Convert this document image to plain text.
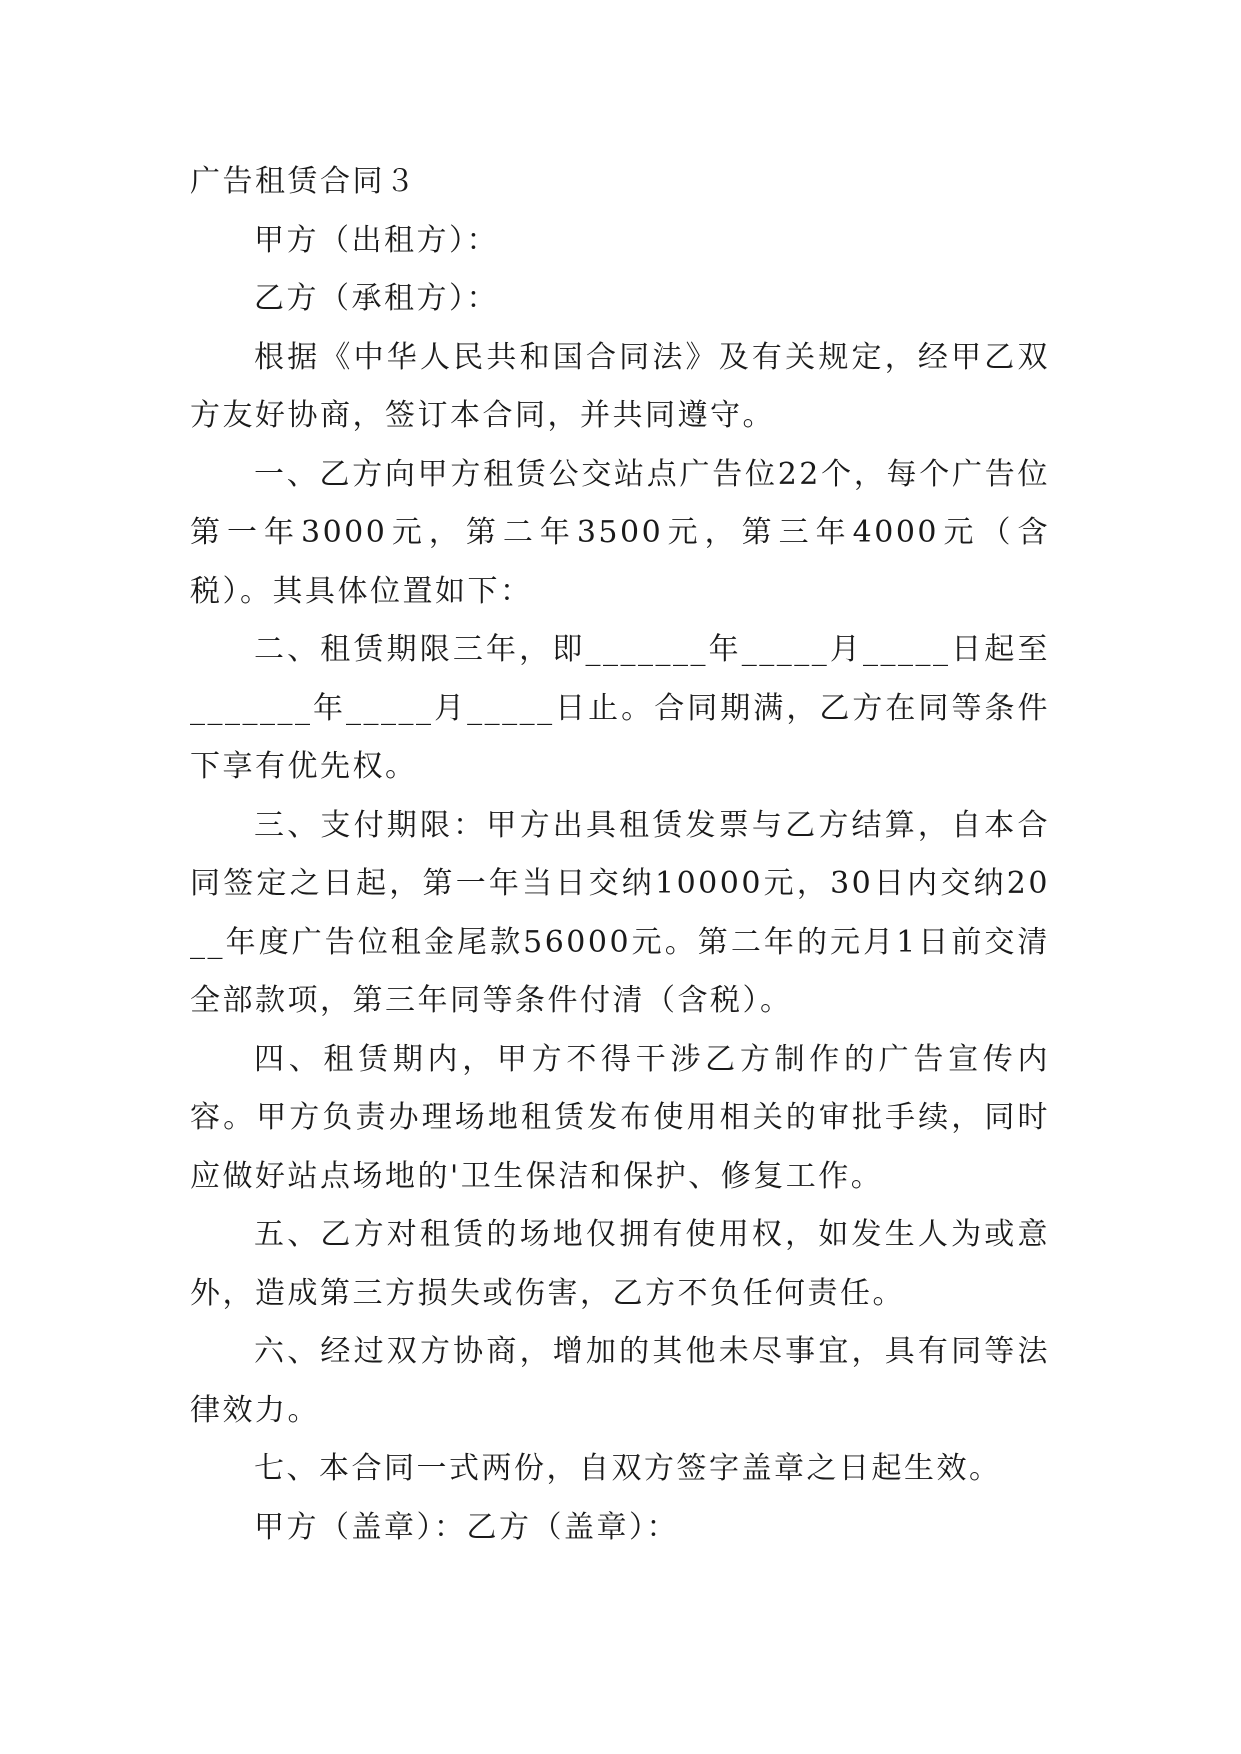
广告租赁合同３

甲方（出租方）：

乙方（承租方）：

根据《中华人民共和国合同法》及有关规定，经甲乙双方友好协商，签订本合同，并共同遵守。

一、乙方向甲方租赁公交站点广告位22个，每个广告位第一年3000元，第二年3500元，第三年4000元（含税）。其具体位置如下：

二、租赁期限三年，即_______年_____月_____日起至_______年_____月_____日止。合同期满，乙方在同等条件下享有优先权。

三、支付期限：甲方出具租赁发票与乙方结算，自本合同签定之日起，第一年当日交纳10000元，30日内交纳20__年度广告位租金尾款56000元。第二年的元月1日前交清全部款项，第三年同等条件付清（含税）。

四、租赁期内，甲方不得干涉乙方制作的广告宣传内容。甲方负责办理场地租赁发布使用相关的审批手续，同时应做好站点场地的'卫生保洁和保护、修复工作。

五、乙方对租赁的场地仅拥有使用权，如发生人为或意外，造成第三方损失或伤害，乙方不负任何责任。

六、经过双方协商，增加的其他未尽事宜，具有同等法律效力。

七、本合同一式两份，自双方签字盖章之日起生效。

甲方（盖章）：乙方（盖章）：
